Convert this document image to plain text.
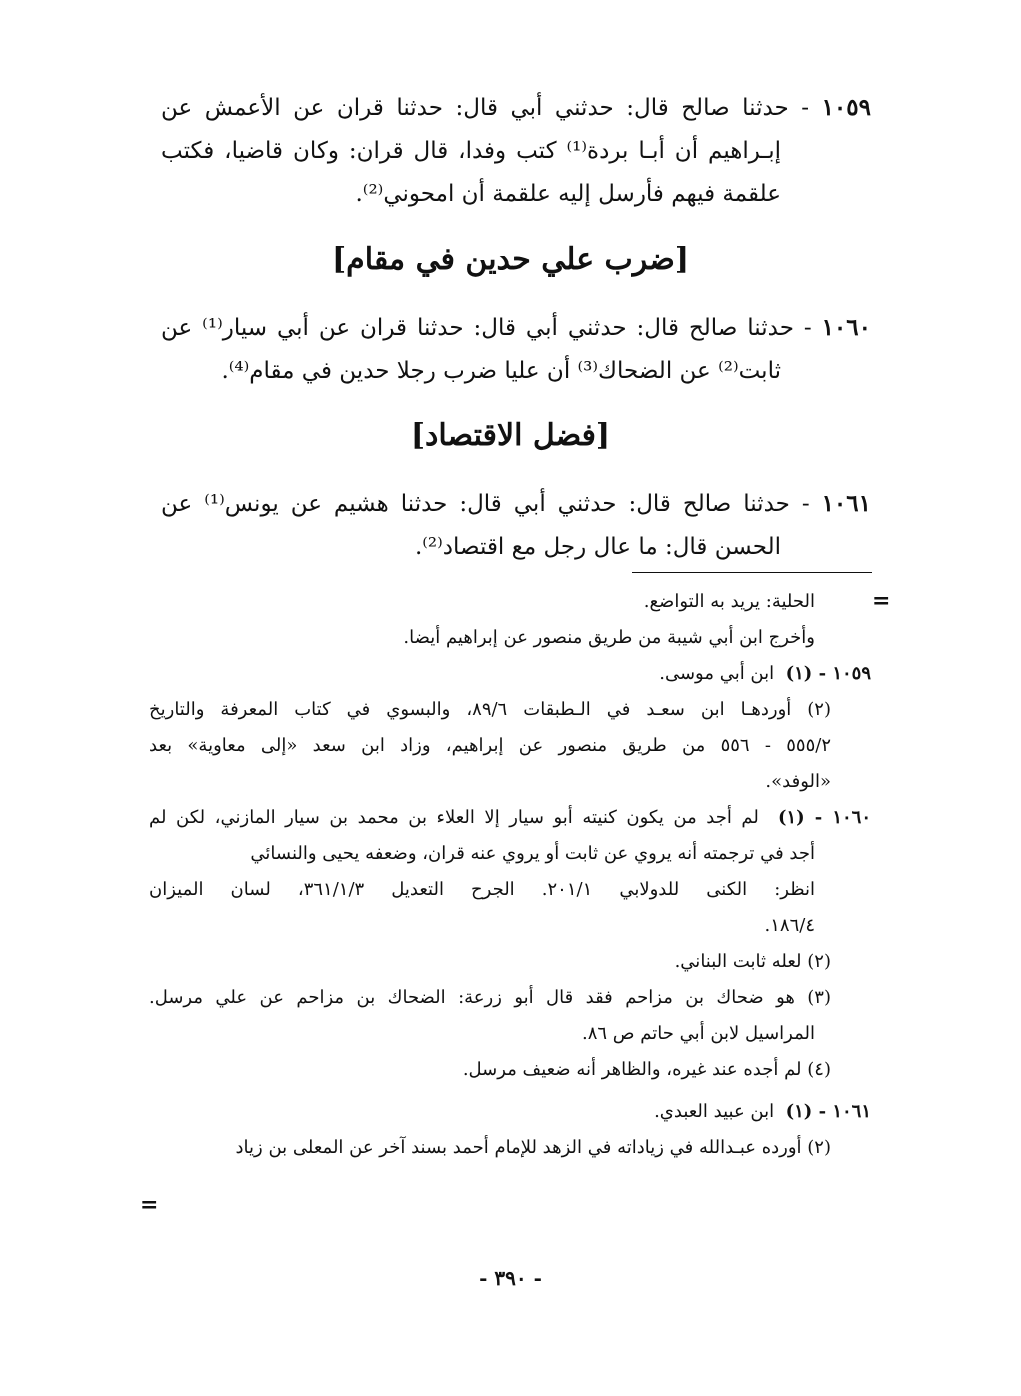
١٠٥٩ - حدثنا صالح قال: حدثني أبي قال: حدثنا قران عن الأعمش عن
إبـراهيم أن أبـا بردة⁽¹⁾ كتب وفدا، قال قران: وكان قاضيا، فكتب
علقمة فيهم فأرسل إليه علقمة أن امحوني⁽²⁾.
[ضرب علي حدين في مقام]
١٠٦٠ - حدثنا صالح قال: حدثني أبي قال: حدثنا قران عن أبي سيار⁽¹⁾ عن
ثابت⁽²⁾ عن الضحاك⁽³⁾ أن عليا ضرب رجلا حدين في مقام⁽⁴⁾.
[فضل الاقتصاد]
١٠٦١ - حدثنا صالح قال: حدثني أبي قال: حدثنا هشيم عن يونس⁽¹⁾ عن
الحسن قال: ما عال رجل مع اقتصاد⁽²⁾.
=
=
الحلية: يريد به التواضع.
وأخرج ابن أبي شيبة من طريق منصور عن إبراهيم أيضا.
١٠٥٩ - (١)  ابن أبي موسى.
(٢) أوردهـا ابن سعـد في الـطبقات ٨٩/٦، والبسوي في كتاب المعرفة والتاريخ
٥٥٥/٢ - ٥٥٦ من طريق منصور عن إبراهيم، وزاد ابن سعد «إلى معاوية» بعد
«الوفد».
١٠٦٠ - (١)  لم أجد من يكون كنيته أبو سيار إلا العلاء بن محمد بن سيار المازني، لكن لم
أجد في ترجمته أنه يروي عن ثابت أو يروي عنه قران، وضعفه يحيى والنسائي
انظر: الكنى للدولابي ٢٠١/١. الجرح التعديل ٣٦١/١/٣، لسان الميزان
١٨٦/٤.
(٢) لعله ثابت البناني.
(٣) هو ضحاك بن مزاحم فقد قال أبو زرعة: الضحاك بن مزاحم عن علي مرسل.
المراسيل لابن أبي حاتم ص ٨٦.
(٤) لم أجده عند غيره، والظاهر أنه ضعيف مرسل.
١٠٦١ - (١)  ابن عبيد العبدي.
(٢) أورده عبـدالله في زياداته في الزهد للإمام أحمد بسند آخر عن المعلى بن زياد
- ٣٩٠ -
